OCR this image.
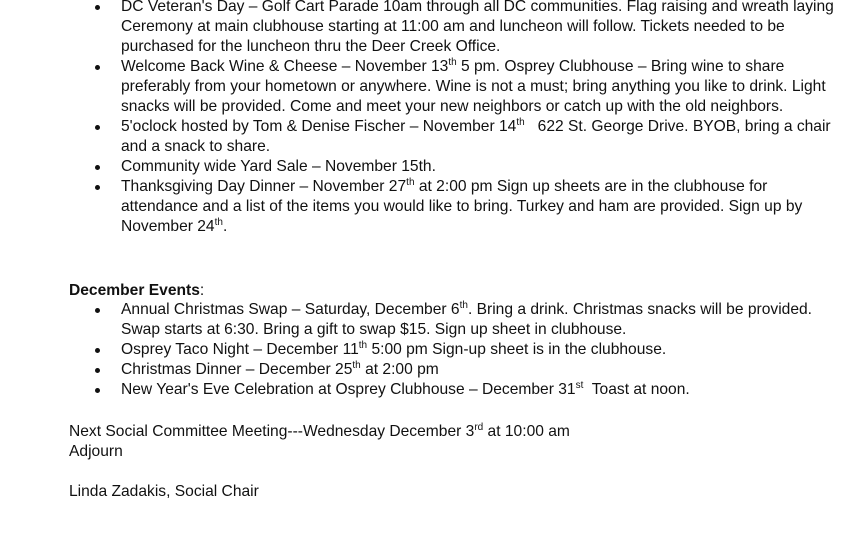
DC Veteran's Day – Golf Cart Parade 10am through all DC communities. Flag raising and wreath laying Ceremony at main clubhouse starting at 11:00 am and luncheon will follow. Tickets needed to be purchased for the luncheon thru the Deer Creek Office.
Welcome Back Wine & Cheese – November 13th 5 pm. Osprey Clubhouse – Bring wine to share preferably from your hometown or anywhere. Wine is not a must; bring anything you like to drink. Light snacks will be provided. Come and meet your new neighbors or catch up with the old neighbors.
5'oclock hosted by Tom & Denise Fischer – November 14th   622 St. George Drive. BYOB, bring a chair and a snack to share.
Community wide Yard Sale – November 15th.
Thanksgiving Day Dinner – November 27th at 2:00 pm Sign up sheets are in the clubhouse for attendance and a list of the items you would like to bring. Turkey and ham are provided. Sign up by November 24th.
December Events:
Annual Christmas Swap – Saturday, December 6th. Bring a drink. Christmas snacks will be provided. Swap starts at 6:30. Bring a gift to swap $15. Sign up sheet in clubhouse.
Osprey Taco Night – December 11th 5:00 pm Sign-up sheet is in the clubhouse.
Christmas Dinner – December 25th at 2:00 pm
New Year's Eve Celebration at Osprey Clubhouse – December 31st  Toast at noon.
Next Social Committee Meeting---Wednesday December 3rd at 10:00 am
Adjourn
Linda Zadakis, Social Chair
